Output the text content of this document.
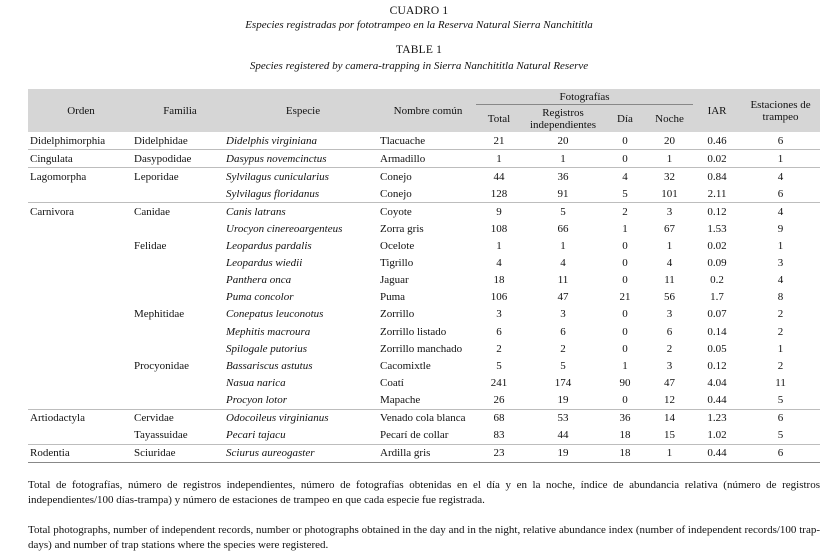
CUADRO 1
Especies registradas por fototrampeo en la Reserva Natural Sierra Nanchititla
TABLE 1
Species registered by camera-trapping in Sierra Nanchititla Natural Reserve
Orden	Familia	Especie	Nombre común	Fotografías				IAR	Estaciones de trampeo
				Total	Registros independientes	Día	Noche		
Didelphimorphia	Didelphidae	Didelphis virginiana	Tlacuache	21	20	0	20	0.46	6
Cingulata	Dasypodidae	Dasypus novemcinctus	Armadillo	1	1	0	1	0.02	1
Lagomorpha	Leporidae	Sylvilagus cunicularius	Conejo	44	36	4	32	0.84	4
		Sylvilagus floridanus	Conejo	128	91	5	101	2.11	6
Carnivora	Canidae	Canis latrans	Coyote	9	5	2	3	0.12	4
		Urocyon cinereoargenteus	Zorra gris	108	66	1	67	1.53	9
	Felidae	Leopardus pardalis	Ocelote	1	1	0	1	0.02	1
		Leopardus wiedii	Tigrillo	4	4	0	4	0.09	3
		Panthera onca	Jaguar	18	11	0	11	0.2	4
		Puma concolor	Puma	106	47	21	56	1.7	8
	Mephitidae	Conepatus leuconotus	Zorrillo	3	3	0	3	0.07	2
		Mephitis macroura	Zorrillo listado	6	6	0	6	0.14	2
		Spilogale putorius	Zorrillo manchado	2	2	0	2	0.05	1
	Procyonidae	Bassariscus astutus	Cacomixtle	5	5	1	3	0.12	2
		Nasua narica	Coatí	241	174	90	47	4.04	11
		Procyon lotor	Mapache	26	19	0	12	0.44	5
Artiodactyla	Cervidae	Odocoileus virginianus	Venado cola blanca	68	53	36	14	1.23	6
	Tayassuidae	Pecari tajacu	Pecarí de collar	83	44	18	15	1.02	5
Rodentia	Sciuridae	Sciurus aureogaster	Ardilla gris	23	19	18	1	0.44	6
Total de fotografías, número de registros independientes, número de fotografías obtenidas en el día y en la noche, índice de abundancia relativa (número de registros independientes/100 días-trampa) y número de estaciones de trampeo en que cada especie fue registrada.
Total photographs, number of independent records, number or photographs obtained in the day and in the night, relative abundance index (number of independent records/100 trap-days) and number of trap stations where the species were registered.
